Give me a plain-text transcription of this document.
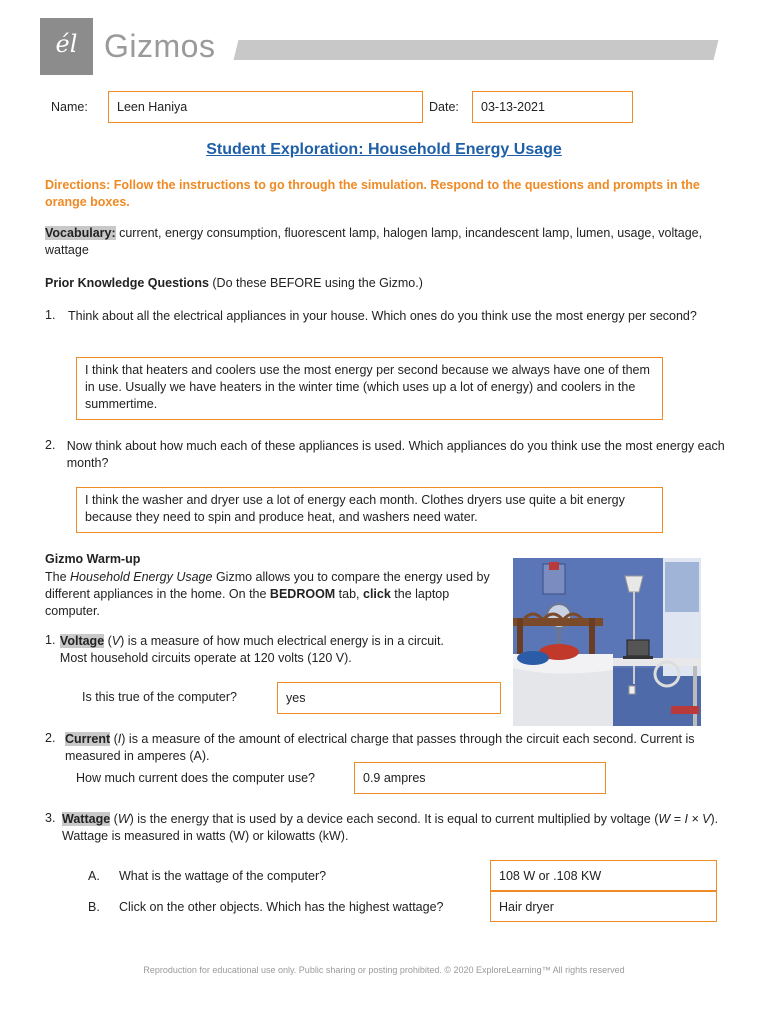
él Gizmos
Name:	Leen Haniya	Date:	03-13-2021
Student Exploration: Household Energy Usage
Directions: Follow the instructions to go through the simulation. Respond to the questions and prompts in the orange boxes.
Vocabulary: current, energy consumption, fluorescent lamp, halogen lamp, incandescent lamp, lumen, usage, voltage, wattage
Prior Knowledge Questions (Do these BEFORE using the Gizmo.)
1.	Think about all the electrical appliances in your house. Which ones do you think use the most energy per second?
I think that heaters and coolers use the most energy per second because we always have one of them in use. Usually we have heaters in the winter time (which uses up a lot of energy) and coolers in the summertime.
2. Now think about how much each of these appliances is used. Which appliances do you think use the most energy each month?
I think the washer and dryer use a lot of energy each month. Clothes dryers use quite a bit energy because they need to spin and produce heat, and washers need water.
Gizmo Warm-up
The Household Energy Usage Gizmo allows you to compare the energy used by different appliances in the home. On the BEDROOM tab, click the laptop computer.
1. Voltage (V) is a measure of how much electrical energy is in a circuit. Most household circuits operate at 120 volts (120 V).
Is this true of the computer?	yes
2. Current (I) is a measure of the amount of electrical charge that passes through the circuit each second. Current is measured in amperes (A).
How much current does the computer use?	0.9 ampres
3. Wattage (W) is the energy that is used by a device each second. It is equal to current multiplied by voltage (W = I × V). Wattage is measured in watts (W) or kilowatts (kW).
A. What is the wattage of the computer?	108 W or .108 KW
B. Click on the other objects. Which has the highest wattage?	Hair dryer
Reproduction for educational use only. Public sharing or posting prohibited. © 2020 ExploreLearning™ All rights reserved
